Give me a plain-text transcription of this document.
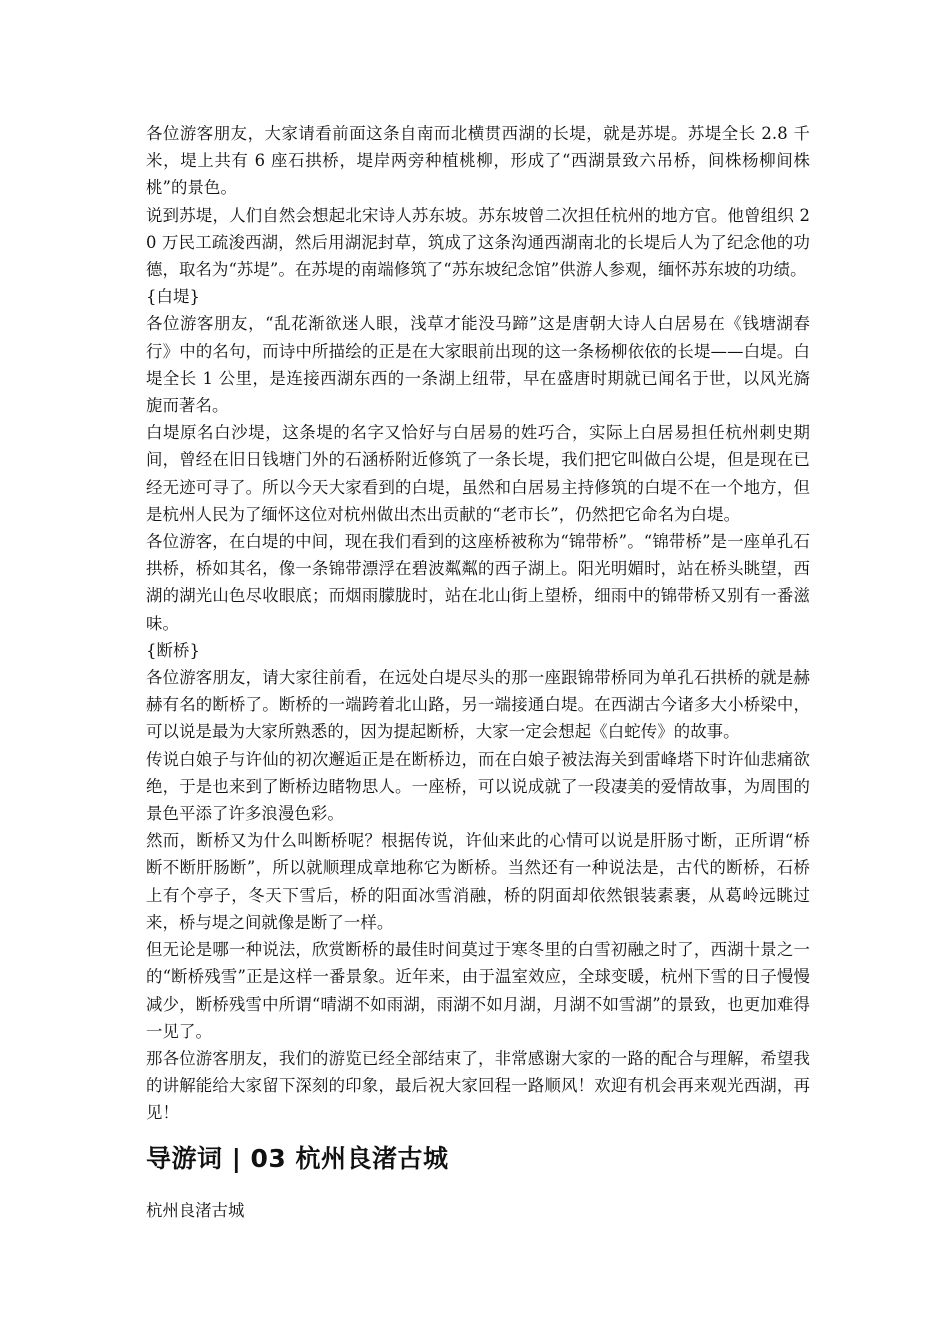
各位游客朋友，大家请看前面这条自南而北横贯西湖的长堤，就是苏堤。苏堤全长 2.8 千米，堤上共有 6 座石拱桥，堤岸两旁种植桃柳，形成了“西湖景致六吊桥，间株杨柳间株桃”的景色。

说到苏堤，人们自然会想起北宋诗人苏东坡。苏东坡曾二次担任杭州的地方官。他曾组织 20 万民工疏浚西湖，然后用湖泥封草，筑成了这条沟通西湖南北的长堤后人为了纪念他的功德，取名为“苏堤”。在苏堤的南端修筑了“苏东坡纪念馆”供游人参观，缅怀苏东坡的功绩。

{白堤}

各位游客朋友，“乱花渐欲迷人眼，浅草才能没马蹄”这是唐朝大诗人白居易在《钱塘湖春行》中的名句，而诗中所描绘的正是在大家眼前出现的这一条杨柳依依的长堤——白堤。白堤全长 1 公里，是连接西湖东西的一条湖上纽带，早在盛唐时期就已闻名于世，以风光旖旎而著名。

白堤原名白沙堤，这条堤的名字又恰好与白居易的姓巧合，实际上白居易担任杭州刺史期间，曾经在旧日钱塘门外的石涵桥附近修筑了一条长堤，我们把它叫做白公堤，但是现在已经无迹可寻了。所以今天大家看到的白堤，虽然和白居易主持修筑的白堤不在一个地方，但是杭州人民为了缅怀这位对杭州做出杰出贡献的“老市长”，仍然把它命名为白堤。

各位游客，在白堤的中间，现在我们看到的这座桥被称为“锦带桥”。“锦带桥”是一座单孔石拱桥，桥如其名，像一条锦带漂浮在碧波粼粼的西子湖上。阳光明媚时，站在桥头眺望，西湖的湖光山色尽收眼底；而烟雨朦胧时，站在北山街上望桥，细雨中的锦带桥又别有一番滋味。

{断桥}

各位游客朋友，请大家往前看，在远处白堤尽头的那一座跟锦带桥同为单孔石拱桥的就是赫赫有名的断桥了。断桥的一端跨着北山路，另一端接通白堤。在西湖古今诸多大小桥梁中，可以说是最为大家所熟悉的，因为提起断桥，大家一定会想起《白蛇传》的故事。

传说白娘子与许仙的初次邂逅正是在断桥边，而在白娘子被法海关到雷峰塔下时许仙悲痛欲绝，于是也来到了断桥边睹物思人。一座桥，可以说成就了一段凄美的爱情故事，为周围的景色平添了许多浪漫色彩。

然而，断桥又为什么叫断桥呢？根据传说，许仙来此的心情可以说是肝肠寸断，正所谓“桥断不断肝肠断”，所以就顺理成章地称它为断桥。当然还有一种说法是，古代的断桥，石桥上有个亭子，冬天下雪后，桥的阳面冰雪消融，桥的阴面却依然银装素裹，从葛岭远眺过来，桥与堤之间就像是断了一样。

但无论是哪一种说法，欣赏断桥的最佳时间莫过于寒冬里的白雪初融之时了，西湖十景之一的“断桥残雪”正是这样一番景象。近年来，由于温室效应，全球变暖，杭州下雪的日子慢慢减少，断桥残雪中所谓“晴湖不如雨湖，雨湖不如月湖，月湖不如雪湖”的景致，也更加难得一见了。

那各位游客朋友，我们的游览已经全部结束了，非常感谢大家的一路的配合与理解，希望我的讲解能给大家留下深刻的印象，最后祝大家回程一路顺风！欢迎有机会再来观光西湖，再见！

导游词 | 03 杭州良渚古城

杭州良渚古城
